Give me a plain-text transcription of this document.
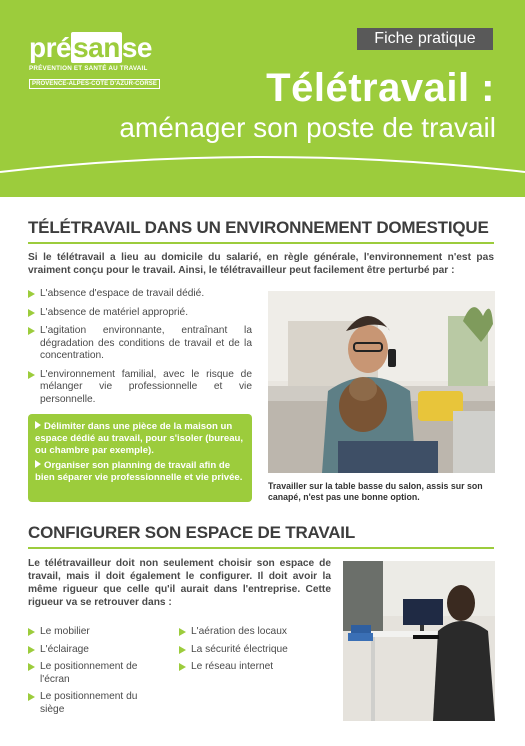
présanse
PRÉVENTION ET SANTÉ AU TRAVAIL
PROVENCE-ALPES-CÔTE D'AZUR-CORSE
Fiche pratique
Télétravail :
aménager son poste de travail
TÉLÉTRAVAIL DANS UN ENVIRONNEMENT DOMESTIQUE
Si le télétravail a lieu au domicile du salarié, en règle générale, l'environnement n'est pas vraiment conçu pour le travail. Ainsi, le télétravailleur peut facilement être perturbé par :
L'absence d'espace de travail dédié.
L'absence de matériel approprié.
L'agitation environnante, entraînant la dégradation des conditions de travail et de la concentration.
L'environnement familial, avec le risque de mélanger vie professionnelle et vie personnelle.
Délimiter dans une pièce de la maison un espace dédié au travail, pour s'isoler (bureau, ou chambre par exemple).
Organiser son planning de travail afin de bien séparer vie professionnelle et vie privée.
Travailler sur la table basse du salon, assis sur son canapé, n'est pas une bonne option.
CONFIGURER SON ESPACE DE TRAVAIL
Le télétravailleur doit non seulement choisir son espace de travail, mais il doit également le configurer. Il doit avoir la même rigueur que celle qu'il aurait dans l'entreprise. Cette rigueur va se retrouver dans :
Le mobilier
L'éclairage
Le positionnement de l'écran
Le positionnement du siège
L'aération des locaux
La sécurité électrique
Le réseau internet
